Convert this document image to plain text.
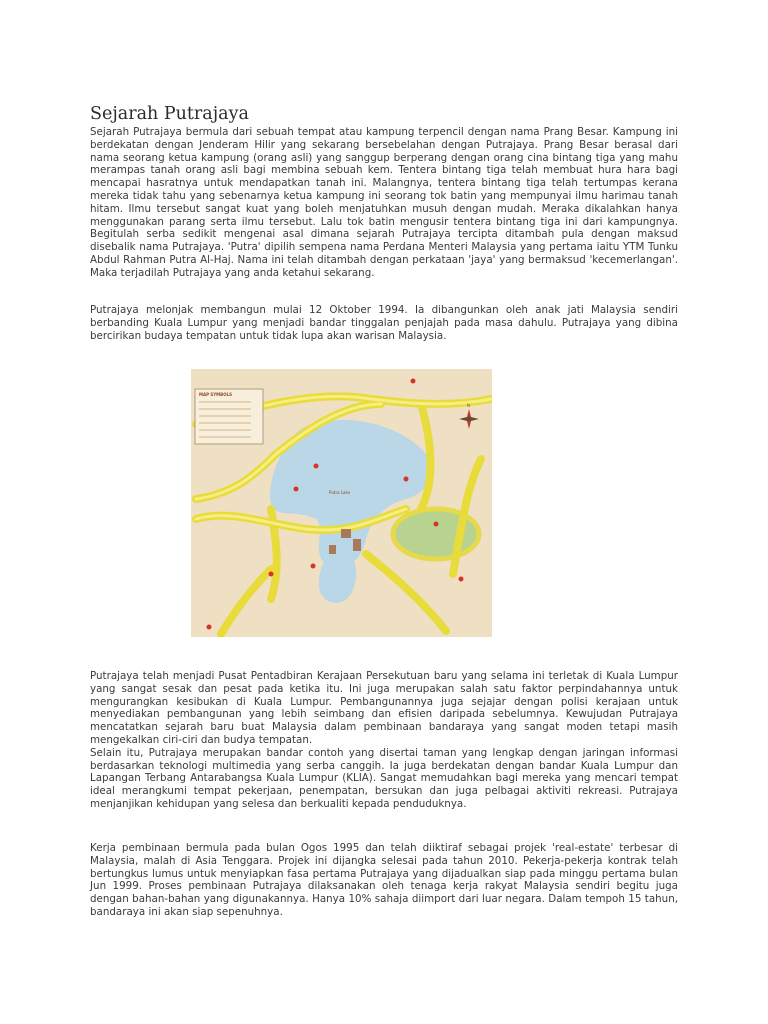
Sejarah Putrajaya

Sejarah Putrajaya bermula dari sebuah tempat atau kampung terpencil dengan nama Prang Besar. Kampung ini berdekatan dengan Jenderam Hilir yang sekarang bersebelahan dengan Putrajaya. Prang Besar berasal dari nama seorang ketua kampung (orang asli) yang sanggup berperang dengan orang cina bintang tiga yang mahu merampas tanah orang asli bagi membina sebuah kem. Tentera bintang tiga telah membuat hura hara bagi mencapai hasratnya untuk mendapatkan tanah ini. Malangnya, tentera bintang tiga telah tertumpas kerana mereka tidak tahu yang sebenarnya ketua kampung ini seorang tok batin yang mempunyai ilmu harimau tanah hitam. Ilmu tersebut sangat kuat yang boleh menjatuhkan musuh dengan mudah. Meraka dikalahkan hanya menggunakan parang serta ilmu tersebut. Lalu tok batin mengusir tentera bintang tiga ini dari kampungnya. Begitulah serba sedikit mengenai asal dimana sejarah Putrajaya tercipta ditambah pula dengan maksud disebalik nama Putrajaya. 'Putra' dipilih sempena nama Perdana Menteri Malaysia yang pertama iaitu YTM Tunku Abdul Rahman Putra Al-Haj. Nama ini telah ditambah dengan perkataan 'jaya' yang bermaksud 'kecemerlangan'. Maka terjadilah Putrajaya yang anda ketahui sekarang.

Putrajaya melonjak membangun mulai 12 Oktober 1994. Ia dibangunkan oleh anak jati Malaysia sendiri berbanding Kuala Lumpur yang menjadi bandar tinggalan penjajah pada masa dahulu. Putrajaya yang dibina bercirikan budaya tempatan untuk tidak lupa akan warisan Malaysia.

MAP SYMBOLS
N
Putra Lake

Putrajaya telah menjadi Pusat Pentadbiran Kerajaan Persekutuan baru yang selama ini terletak di Kuala Lumpur yang sangat sesak dan pesat pada ketika itu. Ini juga merupakan salah satu faktor perpindahannya untuk mengurangkan kesibukan di Kuala Lumpur. Pembangunannya juga sejajar dengan polisi kerajaan untuk menyediakan pembangunan yang lebih seimbang dan efisien daripada sebelumnya. Kewujudan Putrajaya mencatatkan sejarah baru buat Malaysia dalam pembinaan bandaraya yang sangat moden tetapi masih mengekalkan ciri-ciri dan budya tempatan.
Selain itu, Putrajaya merupakan bandar contoh yang disertai taman yang lengkap dengan jaringan informasi berdasarkan teknologi multimedia yang serba canggih. Ia juga berdekatan dengan bandar Kuala Lumpur dan Lapangan Terbang Antarabangsa Kuala Lumpur (KLIA). Sangat memudahkan bagi mereka yang mencari tempat ideal merangkumi tempat pekerjaan, penempatan, bersukan dan juga pelbagai aktiviti rekreasi. Putrajaya menjanjikan kehidupan yang selesa dan berkualiti kepada penduduknya.

Kerja pembinaan bermula pada bulan Ogos 1995 dan telah diiktiraf sebagai projek 'real-estate' terbesar di Malaysia, malah di Asia Tenggara. Projek ini dijangka selesai pada tahun 2010. Pekerja-pekerja kontrak telah bertungkus lumus untuk menyiapkan fasa pertama Putrajaya yang dijadualkan siap pada minggu pertama bulan Jun 1999. Proses pembinaan Putrajaya dilaksanakan oleh tenaga kerja rakyat Malaysia sendiri begitu juga dengan bahan-bahan yang digunakannya. Hanya 10% sahaja diimport dari luar negara. Dalam tempoh 15 tahun, bandaraya ini akan siap sepenuhnya.
